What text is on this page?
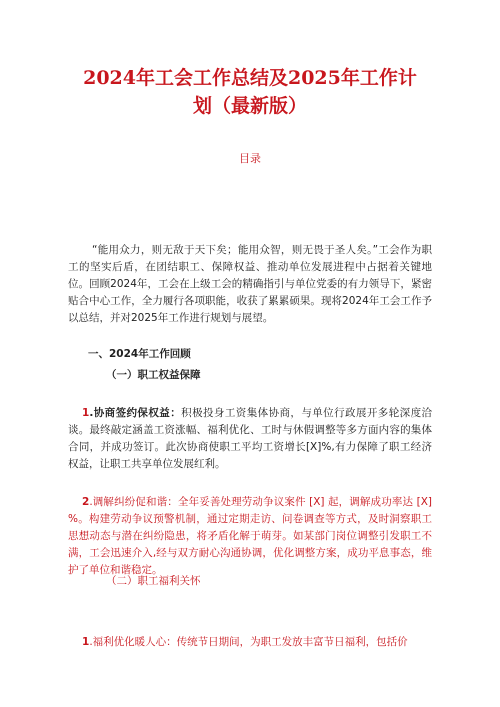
2024年工会工作总结及2025年工作计
划（最新版）
目录

“能用众力，则无敌于天下矣；能用众智，则无畏于圣人矣。”工会作为职工的坚实后盾，在团结职工、保障权益、推动单位发展进程中占据着关键地位。回顾2024年，工会在上级工会的精确指引与单位党委的有力领导下，紧密贴合中心工作，全力履行各项职能，收获了累累硕果。现将2024年工会工作予以总结，并对2025年工作进行规划与展望。

一、2024年工作回顾
（一）职工权益保障

1.协商签约保权益：积极投身工资集体协商，与单位行政展开多轮深度洽谈。最终敲定涵盖工资涨幅、福利优化、工时与休假调整等多方面内容的集体合同，并成功签订。此次协商使职工平均工资增长[X]%,有力保障了职工经济权益，让职工共享单位发展红利。

2.调解纠纷促和谐：全年妥善处理劳动争议案件 [X] 起，调解成功率达 [X] %。构建劳动争议预警机制，通过定期走访、问卷调查等方式，及时洞察职工思想动态与潜在纠纷隐患，将矛盾化解于萌芽。如某部门岗位调整引发职工不满，工会迅速介入,经与双方耐心沟通协调，优化调整方案，成功平息事态，维护了单位和谐稳定。

（二）职工福利关怀

1.福利优化暖人心：传统节日期间，为职工发放丰富节日福利，包括价
